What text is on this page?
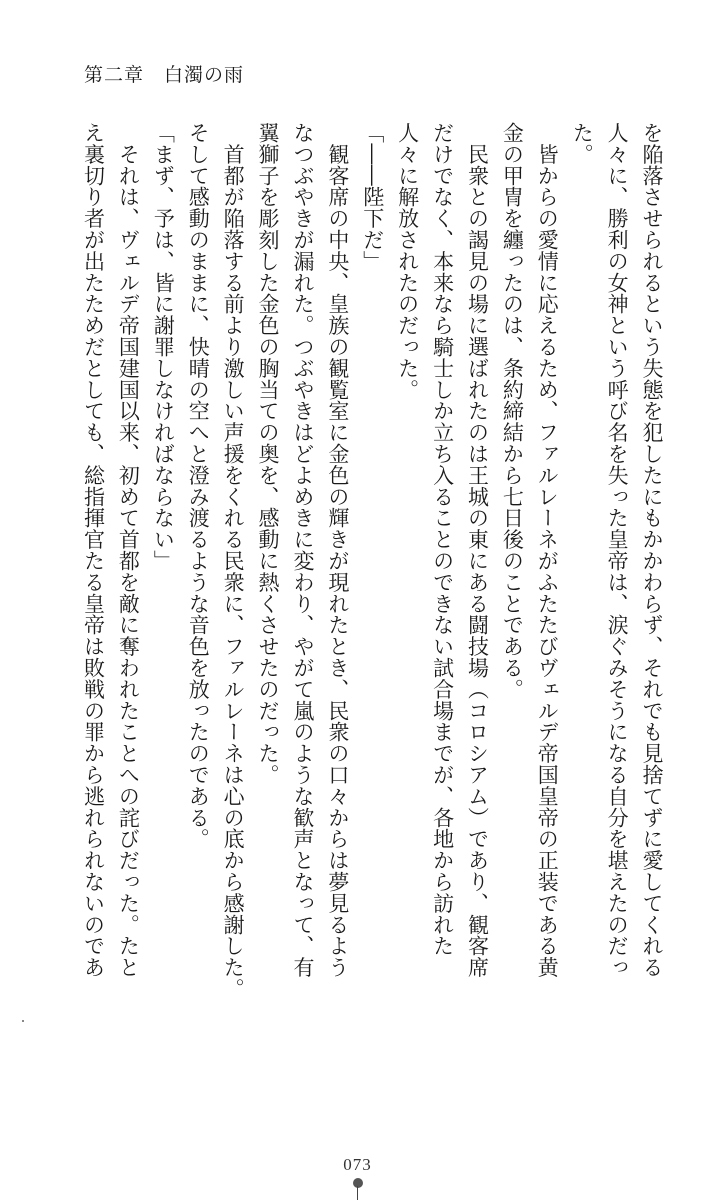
第二章　白濁の雨
を陥落させられるという失態を犯したにもかかわらず、それでも見捨てずに愛してくれる
人々に、勝利の女神という呼び名を失った皇帝は、涙ぐみそうになる自分を堪えたのだっ
た。
　皆からの愛情に応えるため、ファルレーネがふたたびヴェルデ帝国皇帝の正装である黄
金の甲冑を纏ったのは、条約締結から七日後のことである。
　民衆との謁見の場に選ばれたのは王城の東にある闘技場（コロシアム）であり、観客席
だけでなく、本来なら騎士しか立ち入ることのできない試合場までが、各地から訪れた
人々に解放されたのだった。
「――陛下だ」
　観客席の中央、皇族の観覧室に金色の輝きが現れたとき、民衆の口々からは夢見るよう
なつぶやきが漏れた。つぶやきはどよめきに変わり、やがて嵐のような歓声となって、有
翼獅子を彫刻した金色の胸当ての奥を、感動に熱くさせたのだった。
　首都が陥落する前より激しい声援をくれる民衆に、ファルレーネは心の底から感謝した。
そして感動のままに、快晴の空へと澄み渡るような音色を放ったのである。
「まず、予は、皆に謝罪しなければならない」
　それは、ヴェルデ帝国建国以来、初めて首都を敵に奪われたことへの詫びだった。たと
え裏切り者が出たためだとしても、総指揮官たる皇帝は敗戦の罪から逃れられないのであ
073
